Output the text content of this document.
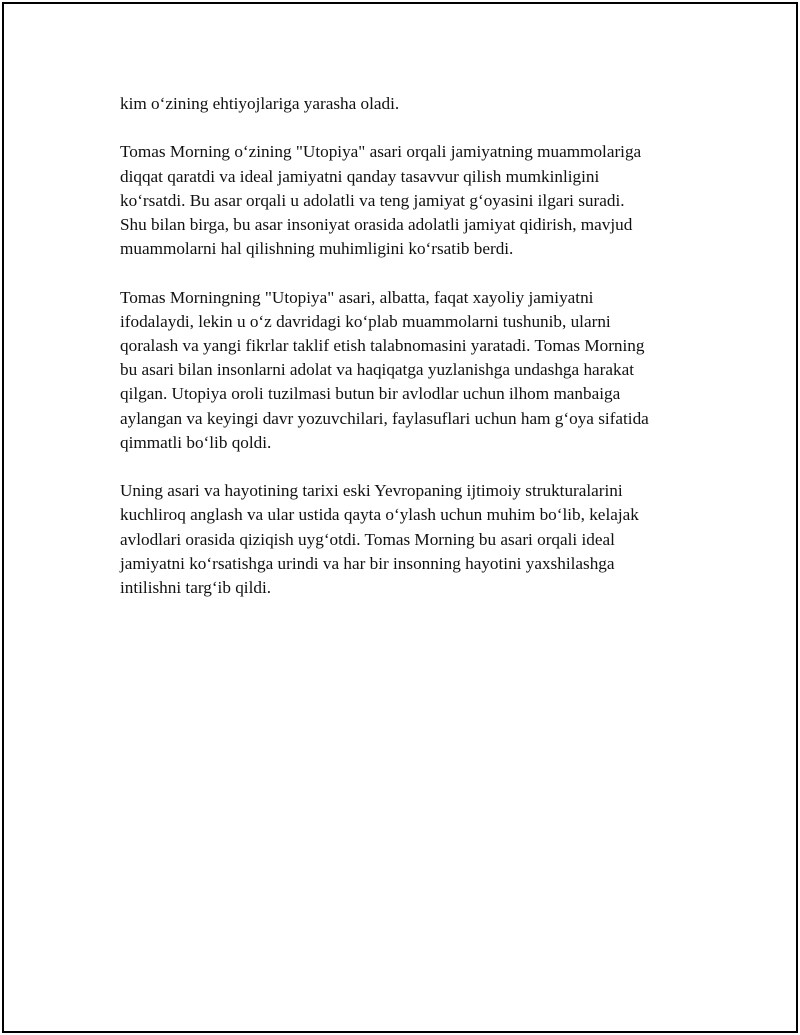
kim o‘zining ehtiyojlariga yarasha oladi.

Tomas Morning o‘zining "Utopiya" asari orqali jamiyatning muammolariga
diqqat qaratdi va ideal jamiyatni qanday tasavvur qilish mumkinligini
ko‘rsatdi. Bu asar orqali u adolatli va teng jamiyat g‘oyasini ilgari suradi.
Shu bilan birga, bu asar insoniyat orasida adolatli jamiyat qidirish, mavjud
muammolarni hal qilishning muhimligini ko‘rsatib berdi.

Tomas Morningning "Utopiya" asari, albatta, faqat xayoliy jamiyatni
ifodalaydi, lekin u o‘z davridagi ko‘plab muammolarni tushunib, ularni
qoralash va yangi fikrlar taklif etish talabnomasini yaratadi. Tomas Morning
bu asari bilan insonlarni adolat va haqiqatga yuzlanishga undashga harakat
qilgan. Utopiya oroli tuzilmasi butun bir avlodlar uchun ilhom manbaiga
aylangan va keyingi davr yozuvchilari, faylasuflari uchun ham g‘oya sifatida
qimmatli bo‘lib qoldi.

Uning asari va hayotining tarixi eski Yevropaning ijtimoiy strukturalarini
kuchliroq anglash va ular ustida qayta o‘ylash uchun muhim bo‘lib, kelajak
avlodlari orasida qiziqish uyg‘otdi. Tomas Morning bu asari orqali ideal
jamiyatni ko‘rsatishga urindi va har bir insonning hayotini yaxshilashga
intilishni targ‘ib qildi.
